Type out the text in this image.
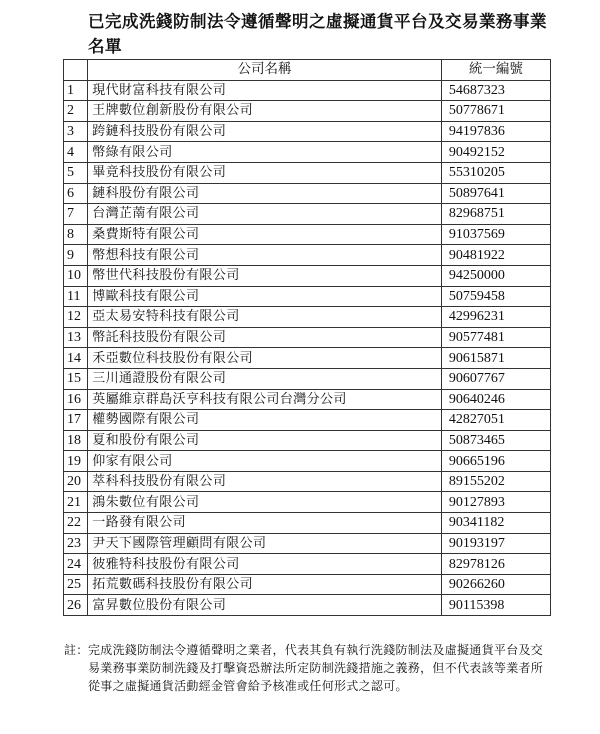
已完成洗錢防制法令遵循聲明之虛擬通貨平台及交易業務事業名單
	公司名稱	統一編號
1	現代財富科技有限公司	54687323
2	王牌數位創新股份有限公司	50778671
3	跨鏈科技股份有限公司	94197836
4	幣綠有限公司	90492152
5	畢竟科技股份有限公司	55310205
6	鏈科股份有限公司	50897641
7	台灣芷萳有限公司	82968751
8	桑費斯特有限公司	91037569
9	幣想科技有限公司	90481922
10	幣世代科技股份有限公司	94250000
11	博歐科技有限公司	50759458
12	亞太易安特科技有限公司	42996231
13	幣託科技股份有限公司	90577481
14	禾亞數位科技股份有限公司	90615871
15	三川通證股份有限公司	90607767
16	英屬維京群島沃亨科技有限公司台灣分公司	90640246
17	權勢國際有限公司	42827051
18	夏和股份有限公司	50873465
19	仰家有限公司	90665196
20	萃科科技股份有限公司	89155202
21	鴻朱數位有限公司	90127893
22	一路發有限公司	90341182
23	尹天下國際管理顧問有限公司	90193197
24	彼雅特科技股份有限公司	82978126
25	拓荒數碼科技股份有限公司	90266260
26	富昇數位股份有限公司	90115398
註： 完成洗錢防制法令遵循聲明之業者，代表其負有執行洗錢防制法及虛擬通貨平台及交易業務事業防制洗錢及打擊資恐辦法所定防制洗錢措施之義務，但不代表該等業者所從事之虛擬通貨活動經金管會給予核准或任何形式之認可。
